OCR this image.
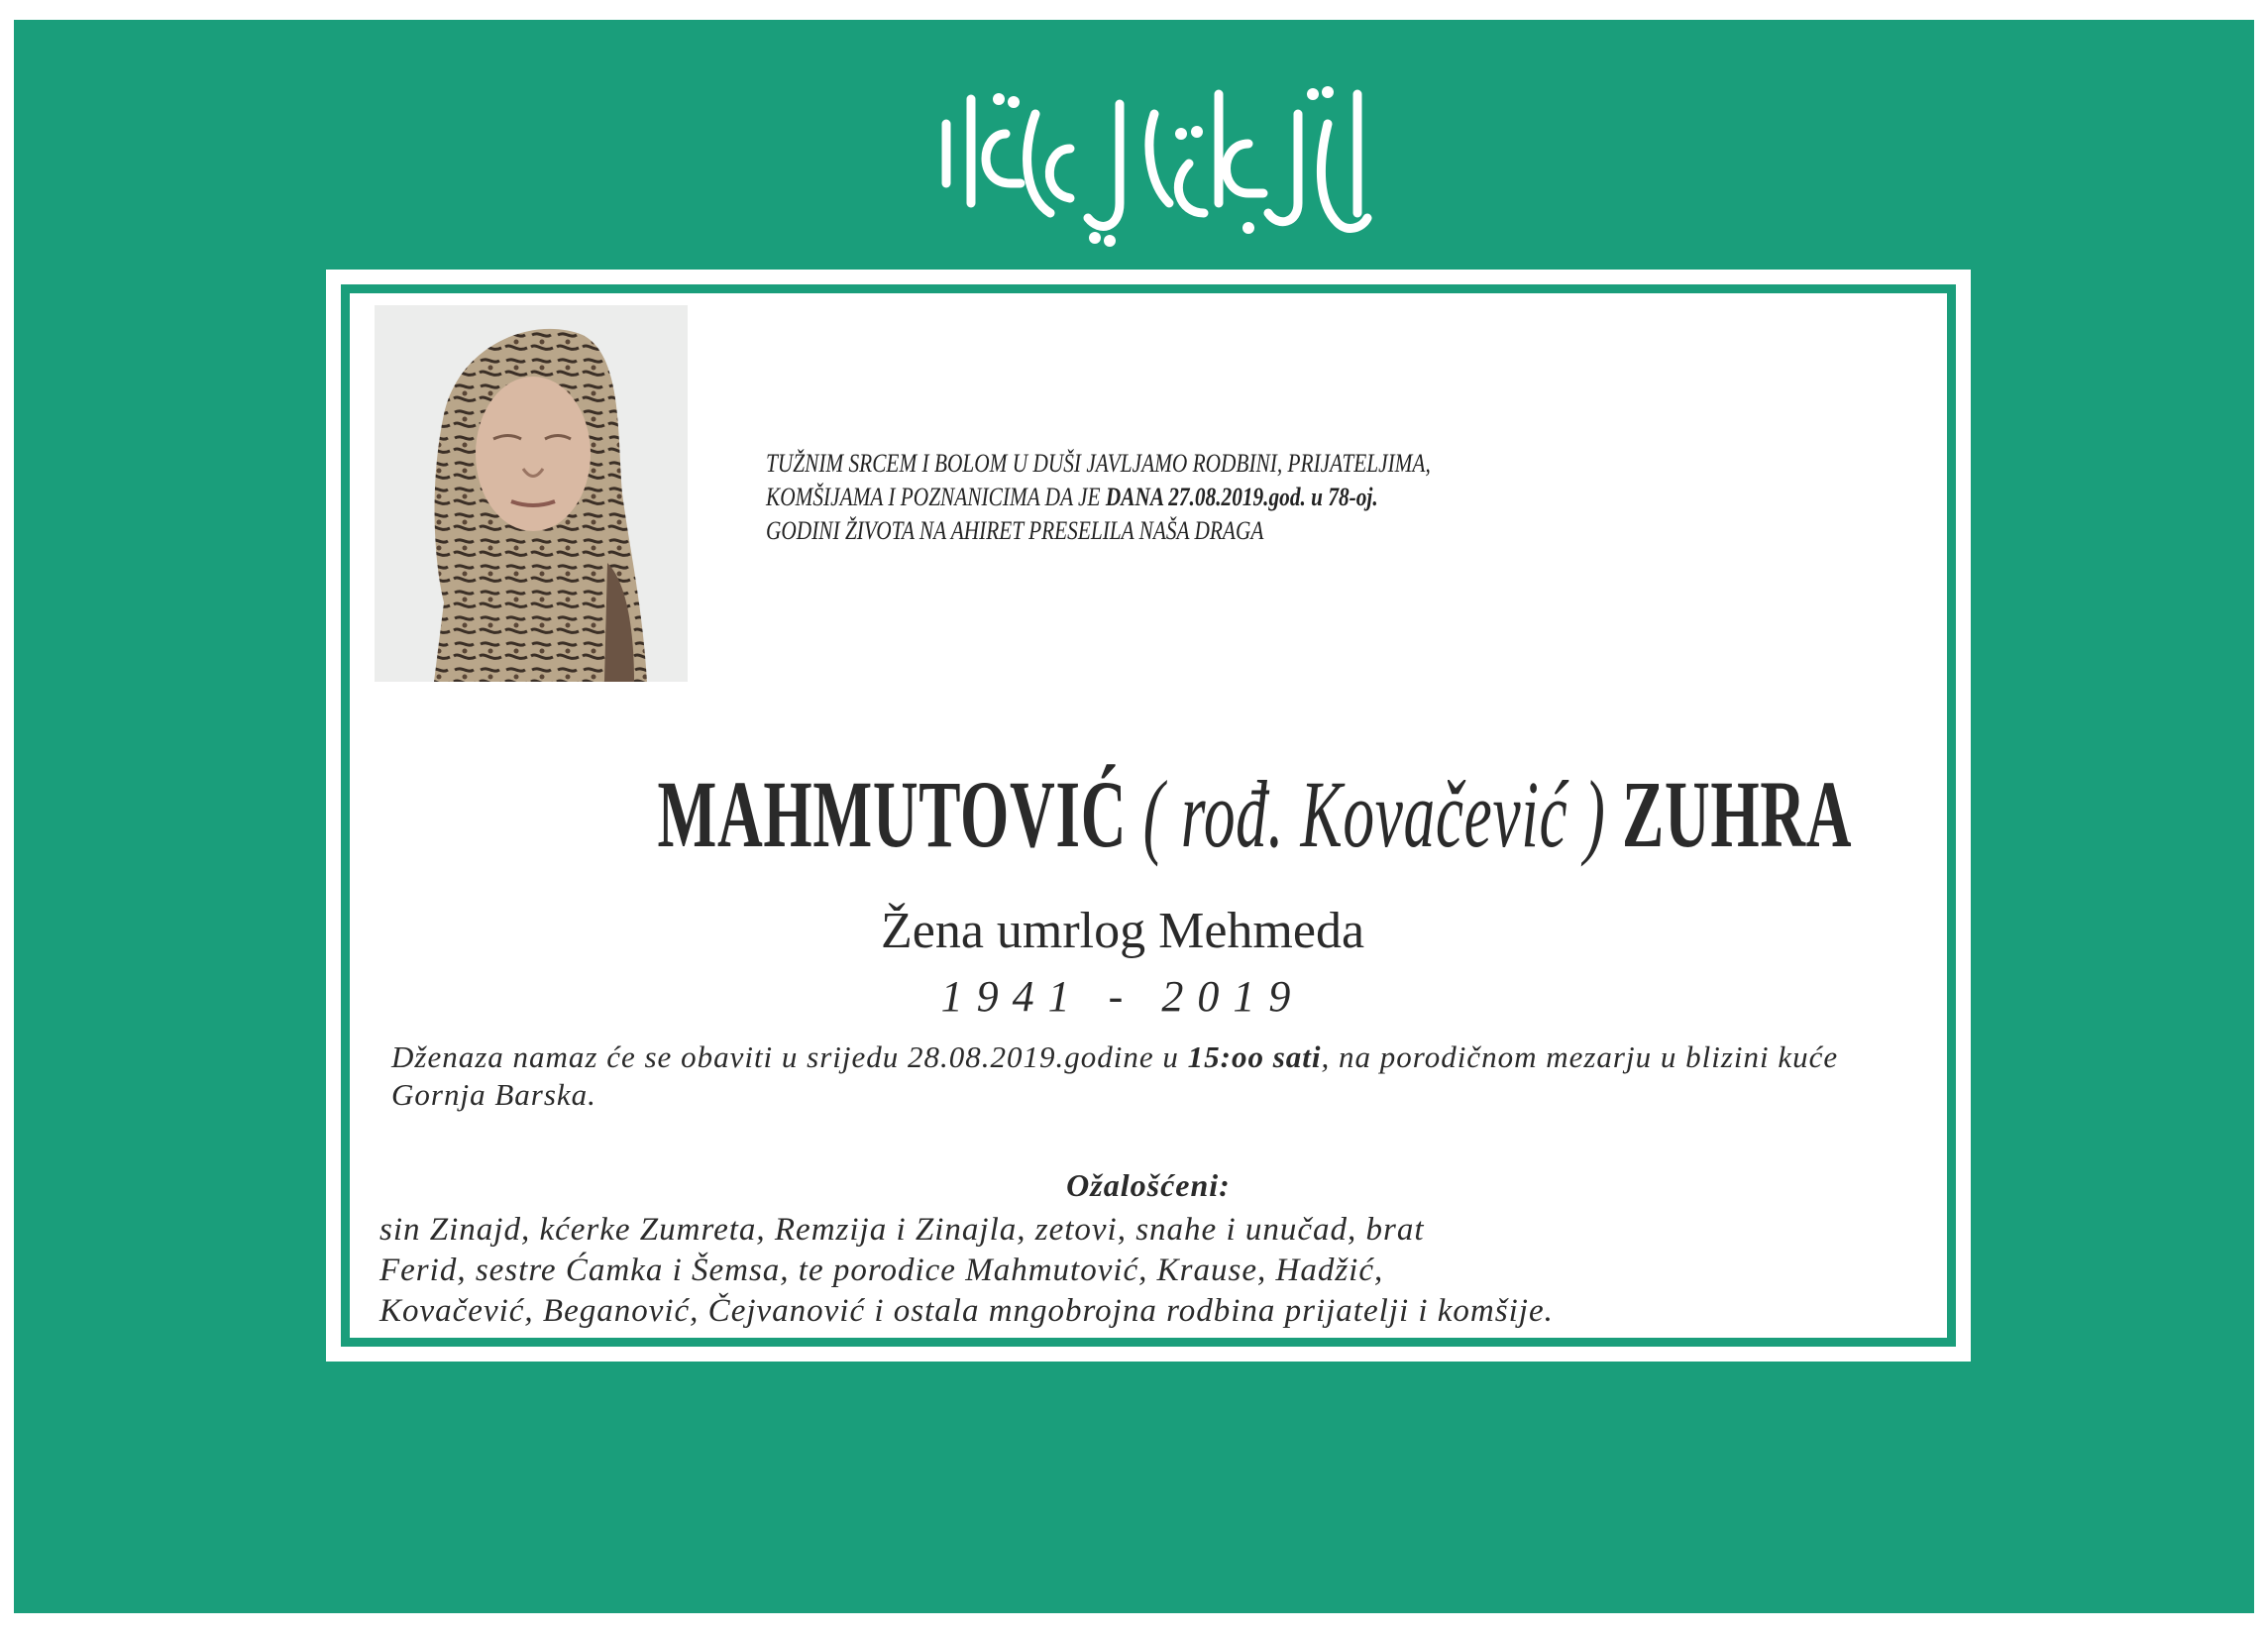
TUŽNIM SRCEM I BOLOM U DUŠI JAVLJAMO RODBINI, PRIJATELJIMA,
KOMŠIJAMA I POZNANICIMA DA JE DANA 27.08.2019.god. u 78-oj.
GODINI ŽIVOTA NA AHIRET PRESELILA NAŠA DRAGA
MAHMUTOVIĆ ( rođ. Kovačević ) ZUHRA
Žena umrlog Mehmeda
1941 - 2019
Dženaza namaz će se obaviti u srijedu 28.08.2019.godine u 15:oo sati, na porodičnom mezarju u blizini kuće Gornja Barska.
Ožalošćeni:
sin Zinajd, kćerke Zumreta, Remzija i Zinajla, zetovi, snahe i unučad, brat
Ferid, sestre Ćamka i Šemsa, te porodice Mahmutović, Krause, Hadžić,
Kovačević, Beganović, Čejvanović i ostala mngobrojna rodbina prijatelji i komšije.
